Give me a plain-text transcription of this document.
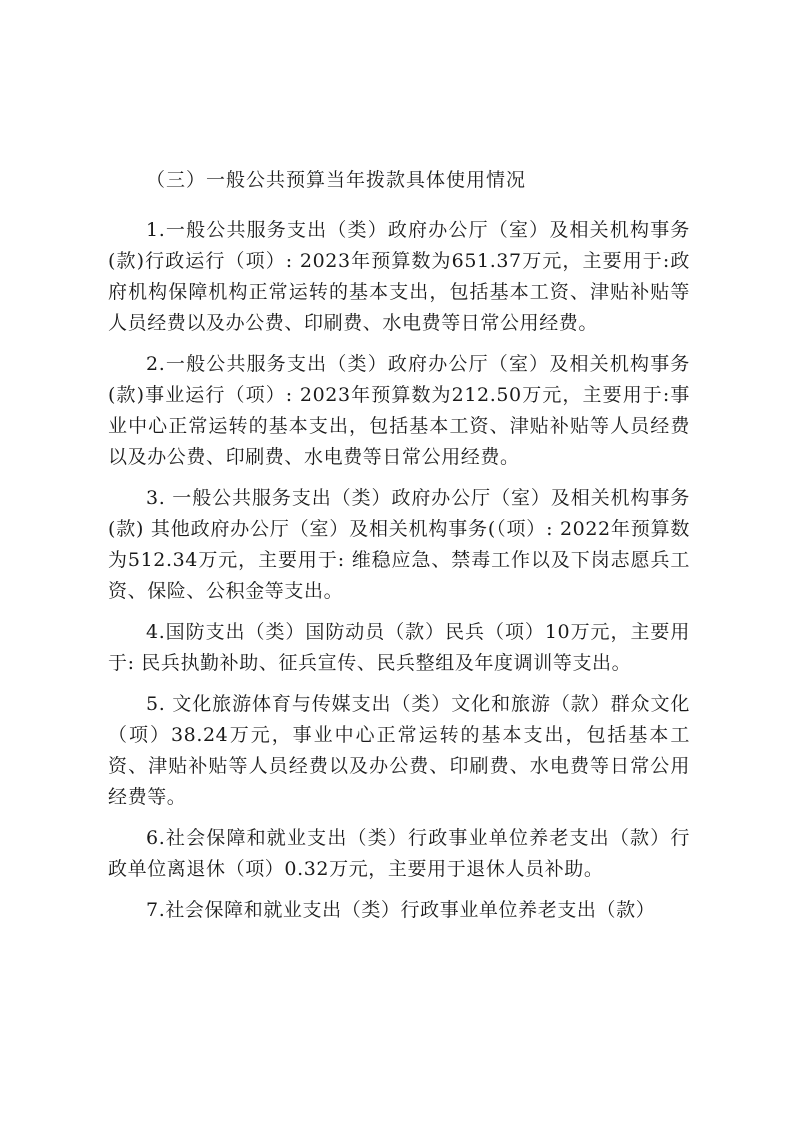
（三）一般公共预算当年拨款具体使用情况

1.一般公共服务支出（类）政府办公厅（室）及相关机构事务(款)行政运行（项）: 2023年预算数为651.37万元，主要用于:政府机构保障机构正常运转的基本支出，包括基本工资、津贴补贴等人员经费以及办公费、印刷费、水电费等日常公用经费。

2.一般公共服务支出（类）政府办公厅（室）及相关机构事务(款)事业运行（项）: 2023年预算数为212.50万元，主要用于:事业中心正常运转的基本支出，包括基本工资、津贴补贴等人员经费以及办公费、印刷费、水电费等日常公用经费。

3. 一般公共服务支出（类）政府办公厅（室）及相关机构事务(款) 其他政府办公厅（室）及相关机构事务(（项）: 2022年预算数为512.34万元，主要用于: 维稳应急、禁毒工作以及下岗志愿兵工资、保险、公积金等支出。

4.国防支出（类）国防动员（款）民兵（项）10万元，主要用于: 民兵执勤补助、征兵宣传、民兵整组及年度调训等支出。

5. 文化旅游体育与传媒支出（类）文化和旅游（款）群众文化（项）38.24万元，事业中心正常运转的基本支出，包括基本工资、津贴补贴等人员经费以及办公费、印刷费、水电费等日常公用经费等。

6.社会保障和就业支出（类）行政事业单位养老支出（款）行政单位离退休（项）0.32万元，主要用于退休人员补助。

7.社会保障和就业支出（类）行政事业单位养老支出（款）
